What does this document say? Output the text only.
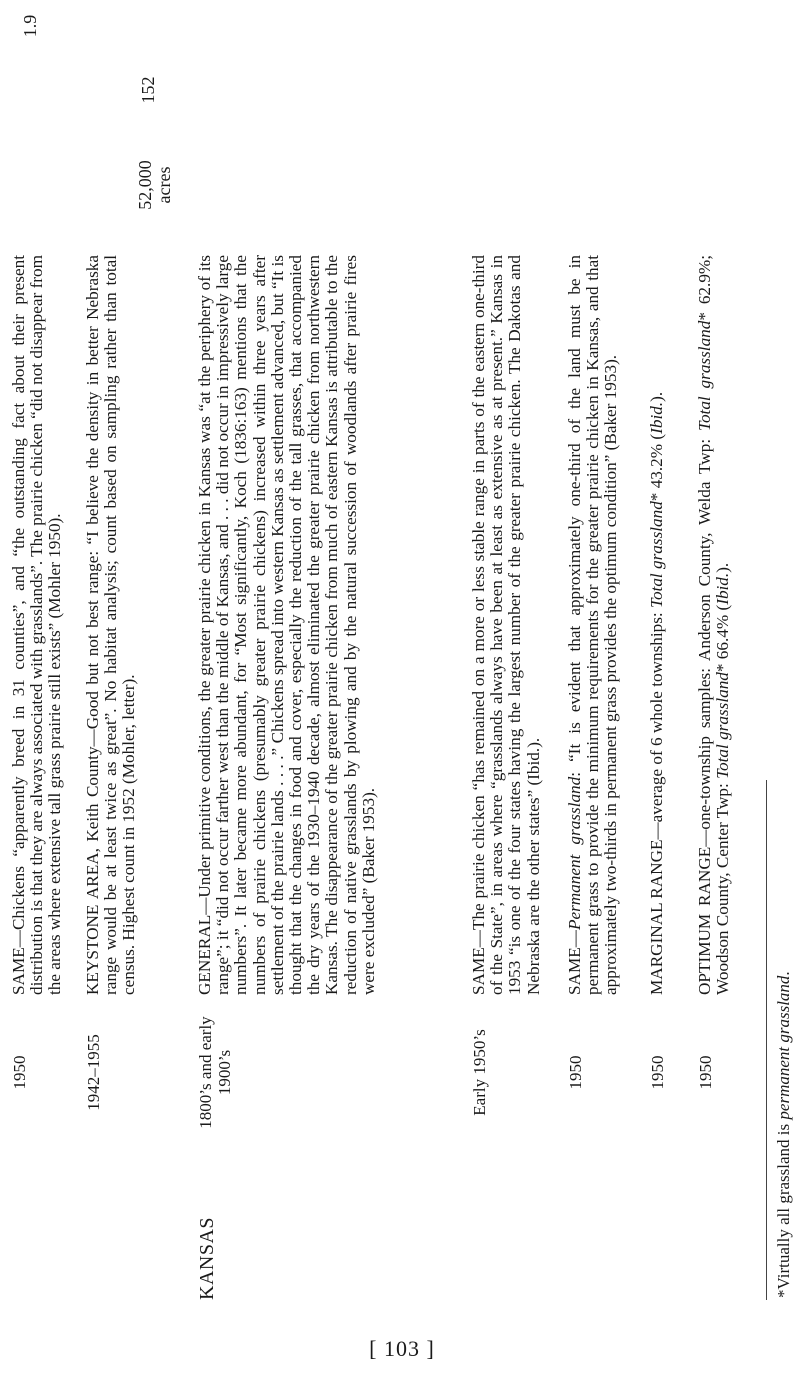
1950

SAME—Chickens “apparently breed in 31 counties”, and “the outstanding fact about their present distribution is that they are always associated with grasslands”. The prairie chicken “did not disappear from the areas where extensive tall grass prairie still exists” (Mohler 1950).

1942–1955

KEYSTONE AREA, Keith County—Good but not best range: “I believe the density in better Nebraska range would be at least twice as great”. No habitat analysis; count based on sampling rather than total census. Highest count in 1952 (Mohler, letter).

52,000 acres
152
1.9
KANSAS
1800’s and early 1900’s

GENERAL—Under primitive conditions, the greater prairie chicken in Kansas was “at the periphery of its range”; it “did not occur farther west than the middle of Kansas, and . . . did not occur in impressively large numbers”. It later became more abundant, for “Most significantly, Koch (1836:163) mentions that the numbers of prairie chickens (presumably greater prairie chickens) increased within three years after settlement of the prairie lands . . . .” Chickens spread into western Kansas as settlement advanced, but “It is thought that the changes in food and cover, especially the reduction of the tall grasses, that accompanied the dry years of the 1930–1940 decade, almost eliminated the greater prairie chicken from northwestern Kansas. The disappearance of the greater prairie chicken from much of eastern Kansas is attributable to the reduction of native grasslands by plowing and by the natural succession of woodlands after prairie fires were excluded” (Baker 1953).

Early 1950’s

SAME—The prairie chicken “has remained on a more or less stable range in parts of the eastern one-third of the State”, in areas where “grasslands always have been at least as extensive as at present.” Kansas in 1953 “is one of the four states having the largest number of the greater prairie chicken. The Dakotas and Nebraska are the other states” (Ibid.).

1950

SAME—Permanent grassland: “It is evident that approximately one-third of the land must be in permanent grass to provide the minimum requirements for the greater prairie chicken in Kansas, and that approximately two-thirds in permanent grass provides the optimum condition” (Baker 1953).

1950

MARGINAL RANGE—average of 6 whole townships: Total grassland* 43.2% (Ibid.).

1950

OPTIMUM RANGE—one-township samples: Anderson County, Welda Twp: Total grassland* 62.9%; Woodson County, Center Twp: Total grassland* 66.4% (Ibid.).

*Virtually all grassland is permanent grassland.
[ 103 ]
